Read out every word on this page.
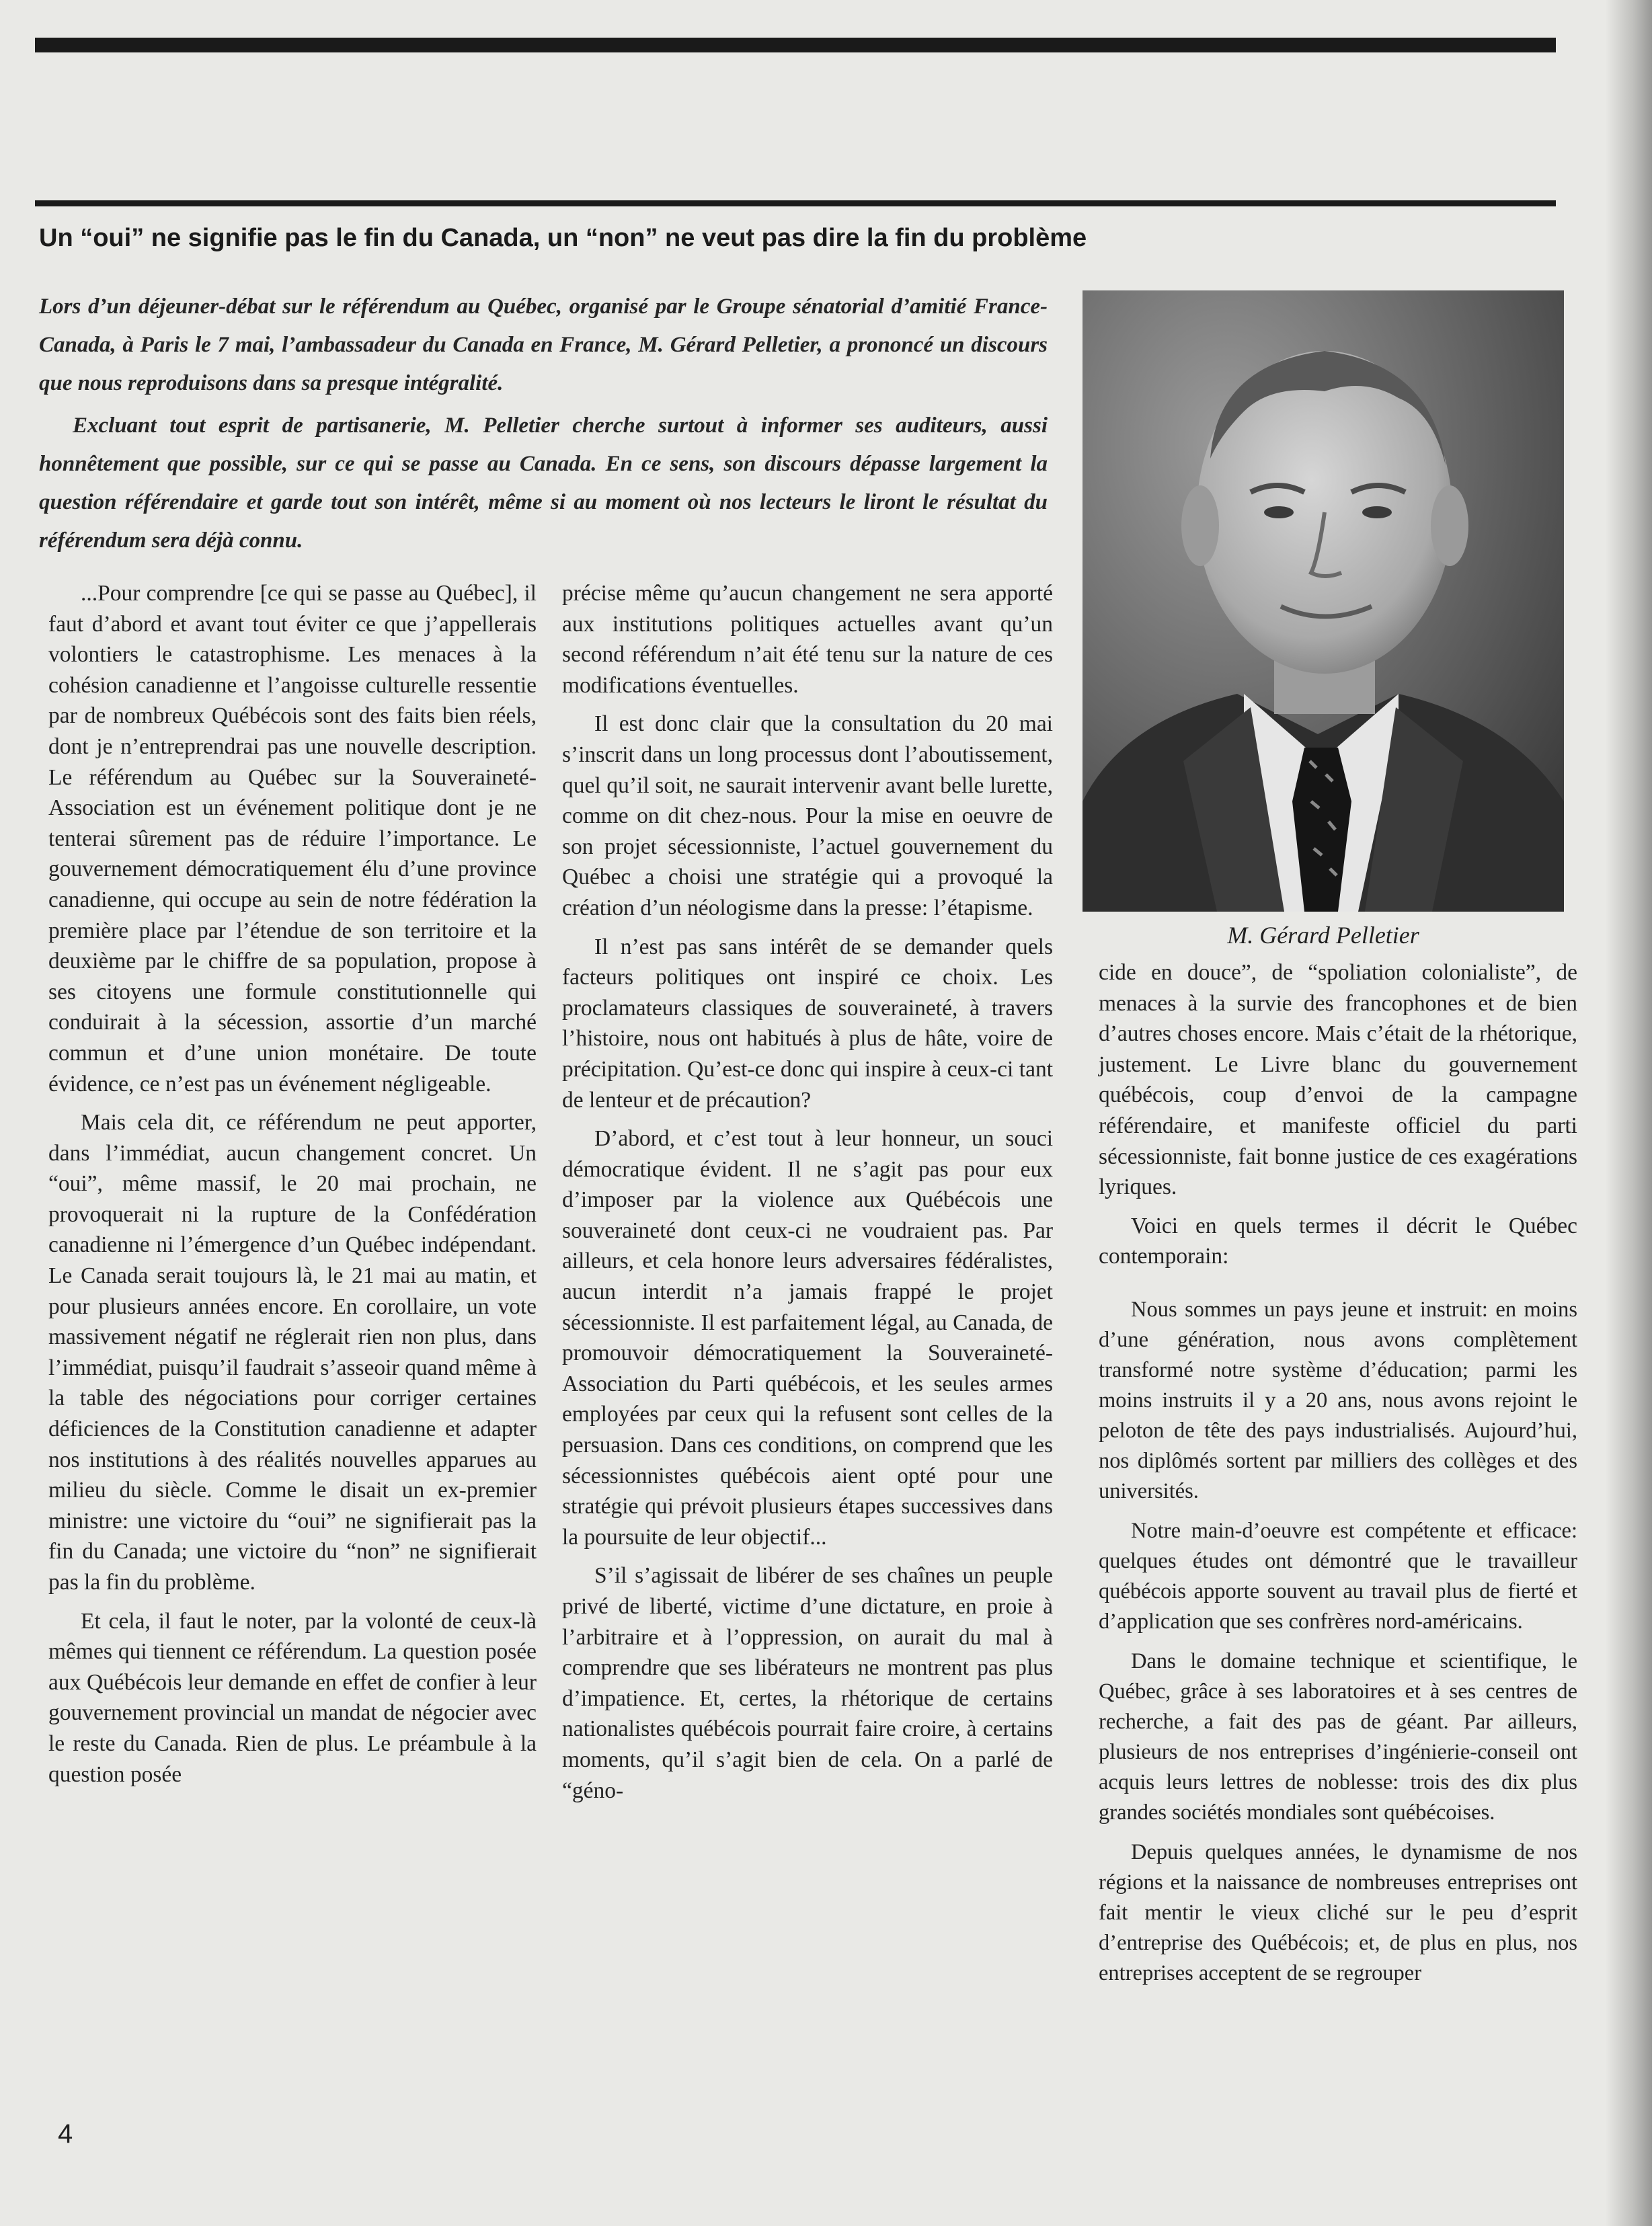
Un “oui” ne signifie pas le fin du Canada, un “non” ne veut pas dire la fin du problème

Lors d’un déjeuner-débat sur le référendum au Québec, organisé par le Groupe sénatorial d’amitié France-Canada, à Paris le 7 mai, l’ambassadeur du Canada en France, M. Gérard Pelletier, a prononcé un discours que nous reproduisons dans sa presque intégralité.

Excluant tout esprit de partisanerie, M. Pelletier cherche surtout à informer ses auditeurs, aussi honnêtement que possible, sur ce qui se passe au Canada. En ce sens, son discours dépasse largement la question référendaire et garde tout son intérêt, même si au moment où nos lecteurs le liront le résultat du référendum sera déjà connu.

M. Gérard Pelletier

...Pour comprendre [ce qui se passe au Québec], il faut d’abord et avant tout éviter ce que j’appellerais volontiers le catastrophisme. Les menaces à la cohésion canadienne et l’angoisse culturelle ressentie par de nombreux Québécois sont des faits bien réels, dont je n’entreprendrai pas une nouvelle description. Le référendum au Québec sur la Souveraineté-Association est un événement politique dont je ne tenterai sûrement pas de réduire l’importance. Le gouvernement démocratiquement élu d’une province canadienne, qui occupe au sein de notre fédération la première place par l’étendue de son territoire et la deuxième par le chiffre de sa population, propose à ses citoyens une formule constitutionnelle qui conduirait à la sécession, assortie d’un marché commun et d’une union monétaire. De toute évidence, ce n’est pas un événement négligeable.

Mais cela dit, ce référendum ne peut apporter, dans l’immédiat, aucun changement concret. Un “oui”, même massif, le 20 mai prochain, ne provoquerait ni la rupture de la Confédération canadienne ni l’émergence d’un Québec indépendant. Le Canada serait toujours là, le 21 mai au matin, et pour plusieurs années encore. En corollaire, un vote massivement négatif ne réglerait rien non plus, dans l’immédiat, puisqu’il faudrait s’asseoir quand même à la table des négociations pour corriger certaines déficiences de la Constitution canadienne et adapter nos institutions à des réalités nouvelles apparues au milieu du siècle. Comme le disait un ex-premier ministre: une victoire du “oui” ne signifierait pas la fin du Canada; une victoire du “non” ne signifierait pas la fin du problème.

Et cela, il faut le noter, par la volonté de ceux-là mêmes qui tiennent ce référendum. La question posée aux Québécois leur demande en effet de confier à leur gouvernement provincial un mandat de négocier avec le reste du Canada. Rien de plus. Le préambule à la question posée

précise même qu’aucun changement ne sera apporté aux institutions politiques actuelles avant qu’un second référendum n’ait été tenu sur la nature de ces modifications éventuelles.

Il est donc clair que la consultation du 20 mai s’inscrit dans un long processus dont l’aboutissement, quel qu’il soit, ne saurait intervenir avant belle lurette, comme on dit chez-nous. Pour la mise en oeuvre de son projet sécessionniste, l’actuel gouvernement du Québec a choisi une stratégie qui a provoqué la création d’un néologisme dans la presse: l’étapisme.

Il n’est pas sans intérêt de se demander quels facteurs politiques ont inspiré ce choix. Les proclamateurs classiques de souveraineté, à travers l’histoire, nous ont habitués à plus de hâte, voire de précipitation. Qu’est-ce donc qui inspire à ceux-ci tant de lenteur et de précaution?

D’abord, et c’est tout à leur honneur, un souci démocratique évident. Il ne s’agit pas pour eux d’imposer par la violence aux Québécois une souveraineté dont ceux-ci ne voudraient pas. Par ailleurs, et cela honore leurs adversaires fédéralistes, aucun interdit n’a jamais frappé le projet sécessionniste. Il est parfaitement légal, au Canada, de promouvoir démocratiquement la Souveraineté-Association du Parti québécois, et les seules armes employées par ceux qui la refusent sont celles de la persuasion. Dans ces conditions, on comprend que les sécessionnistes québécois aient opté pour une stratégie qui prévoit plusieurs étapes successives dans la poursuite de leur objectif...

S’il s’agissait de libérer de ses chaînes un peuple privé de liberté, victime d’une dictature, en proie à l’arbitraire et à l’oppression, on aurait du mal à comprendre que ses libérateurs ne montrent pas plus d’impatience. Et, certes, la rhétorique de certains nationalistes québécois pourrait faire croire, à certains moments, qu’il s’agit bien de cela. On a parlé de “géno-

cide en douce”, de “spoliation colonialiste”, de menaces à la survie des francophones et de bien d’autres choses encore. Mais c’était de la rhétorique, justement. Le Livre blanc du gouvernement québécois, coup d’envoi de la campagne référendaire, et manifeste officiel du parti sécessionniste, fait bonne justice de ces exagérations lyriques.

Voici en quels termes il décrit le Québec contemporain:

Nous sommes un pays jeune et instruit: en moins d’une génération, nous avons complètement transformé notre système d’éducation; parmi les moins instruits il y a 20 ans, nous avons rejoint le peloton de tête des pays industrialisés. Aujourd’hui, nos diplômés sortent par milliers des collèges et des universités.

Notre main-d’oeuvre est compétente et efficace: quelques études ont démontré que le travailleur québécois apporte souvent au travail plus de fierté et d’application que ses confrères nord-américains.

Dans le domaine technique et scientifique, le Québec, grâce à ses laboratoires et à ses centres de recherche, a fait des pas de géant. Par ailleurs, plusieurs de nos entreprises d’ingénierie-conseil ont acquis leurs lettres de noblesse: trois des dix plus grandes sociétés mondiales sont québécoises.

Depuis quelques années, le dynamisme de nos régions et la naissance de nombreuses entreprises ont fait mentir le vieux cliché sur le peu d’esprit d’entreprise des Québécois; et, de plus en plus, nos entreprises acceptent de se regrouper

4
